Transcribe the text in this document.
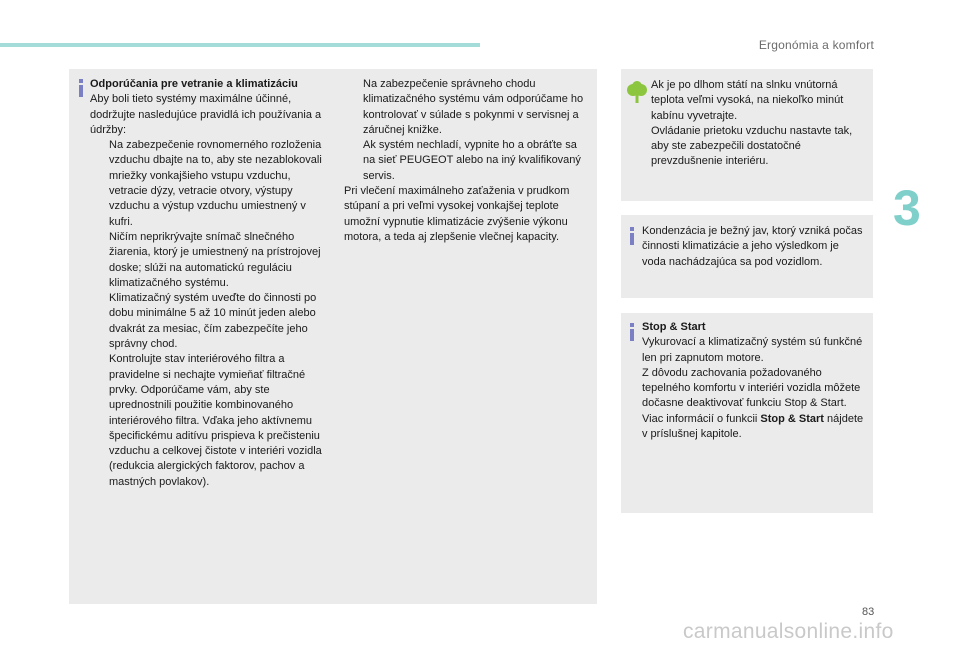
Ergonómia a komfort
3

Odporúčania pre vetranie a klimatizáciu

Aby boli tieto systémy maximálne účinné, dodržujte nasledujúce pravidlá ich používania a údržby:

Na zabezpečenie rovnomerného rozloženia vzduchu dbajte na to, aby ste nezablokovali mriežky vonkajšieho vstupu vzduchu, vetracie dýzy, vetracie otvory, výstupy vzduchu a výstup vzduchu umiestnený v kufri.
Ničím neprikrývajte snímač slnečného žiarenia, ktorý je umiestnený na prístrojovej doske; slúži na automatickú reguláciu klimatizačného systému.
Klimatizačný systém uveďte do činnosti po dobu minimálne 5 až 10 minút jeden alebo dvakrát za mesiac, čím zabezpečíte jeho správny chod.
Kontrolujte stav interiérového filtra a pravidelne si nechajte vymieňať filtračné prvky. Odporúčame vám, aby ste uprednostnili použitie kombinovaného interiérového filtra. Vďaka jeho aktívnemu špecifickému aditívu prispieva k prečisteniu vzduchu a celkovej čistote v interiéri vozidla (redukcia alergických faktorov, pachov a mastných povlakov).
Na zabezpečenie správneho chodu klimatizačného systému vám odporúčame ho kontrolovať v súlade s pokynmi v servisnej a záručnej knižke.
Ak systém nechladí, vypnite ho a obráťte sa na sieť PEUGEOT alebo na iný kvalifikovaný servis.

Pri vlečení maximálneho zaťaženia v prudkom stúpaní a pri veľmi vysokej vonkajšej teplote umožní vypnutie klimatizácie zvýšenie výkonu motora, a teda aj zlepšenie vlečnej kapacity.

Ak je po dlhom státí na slnku vnútorná teplota veľmi vysoká, na niekoľko minút kabínu vyvetrajte.

Ovládanie prietoku vzduchu nastavte tak, aby ste zabezpečili dostatočné prevzdušnenie interiéru.

Kondenzácia je bežný jav, ktorý vzniká počas činnosti klimatizácie a jeho výsledkom je voda nachádzajúca sa pod vozidlom.

Stop & Start

Vykurovací a klimatizačný systém sú funkčné len pri zapnutom motore.

Z dôvodu zachovania požadovaného tepelného komfortu v interiéri vozidla môžete dočasne deaktivovať funkciu Stop & Start.

Viac informácií o funkcii Stop & Start nájdete v príslušnej kapitole.

83
carmanualsonline.info
